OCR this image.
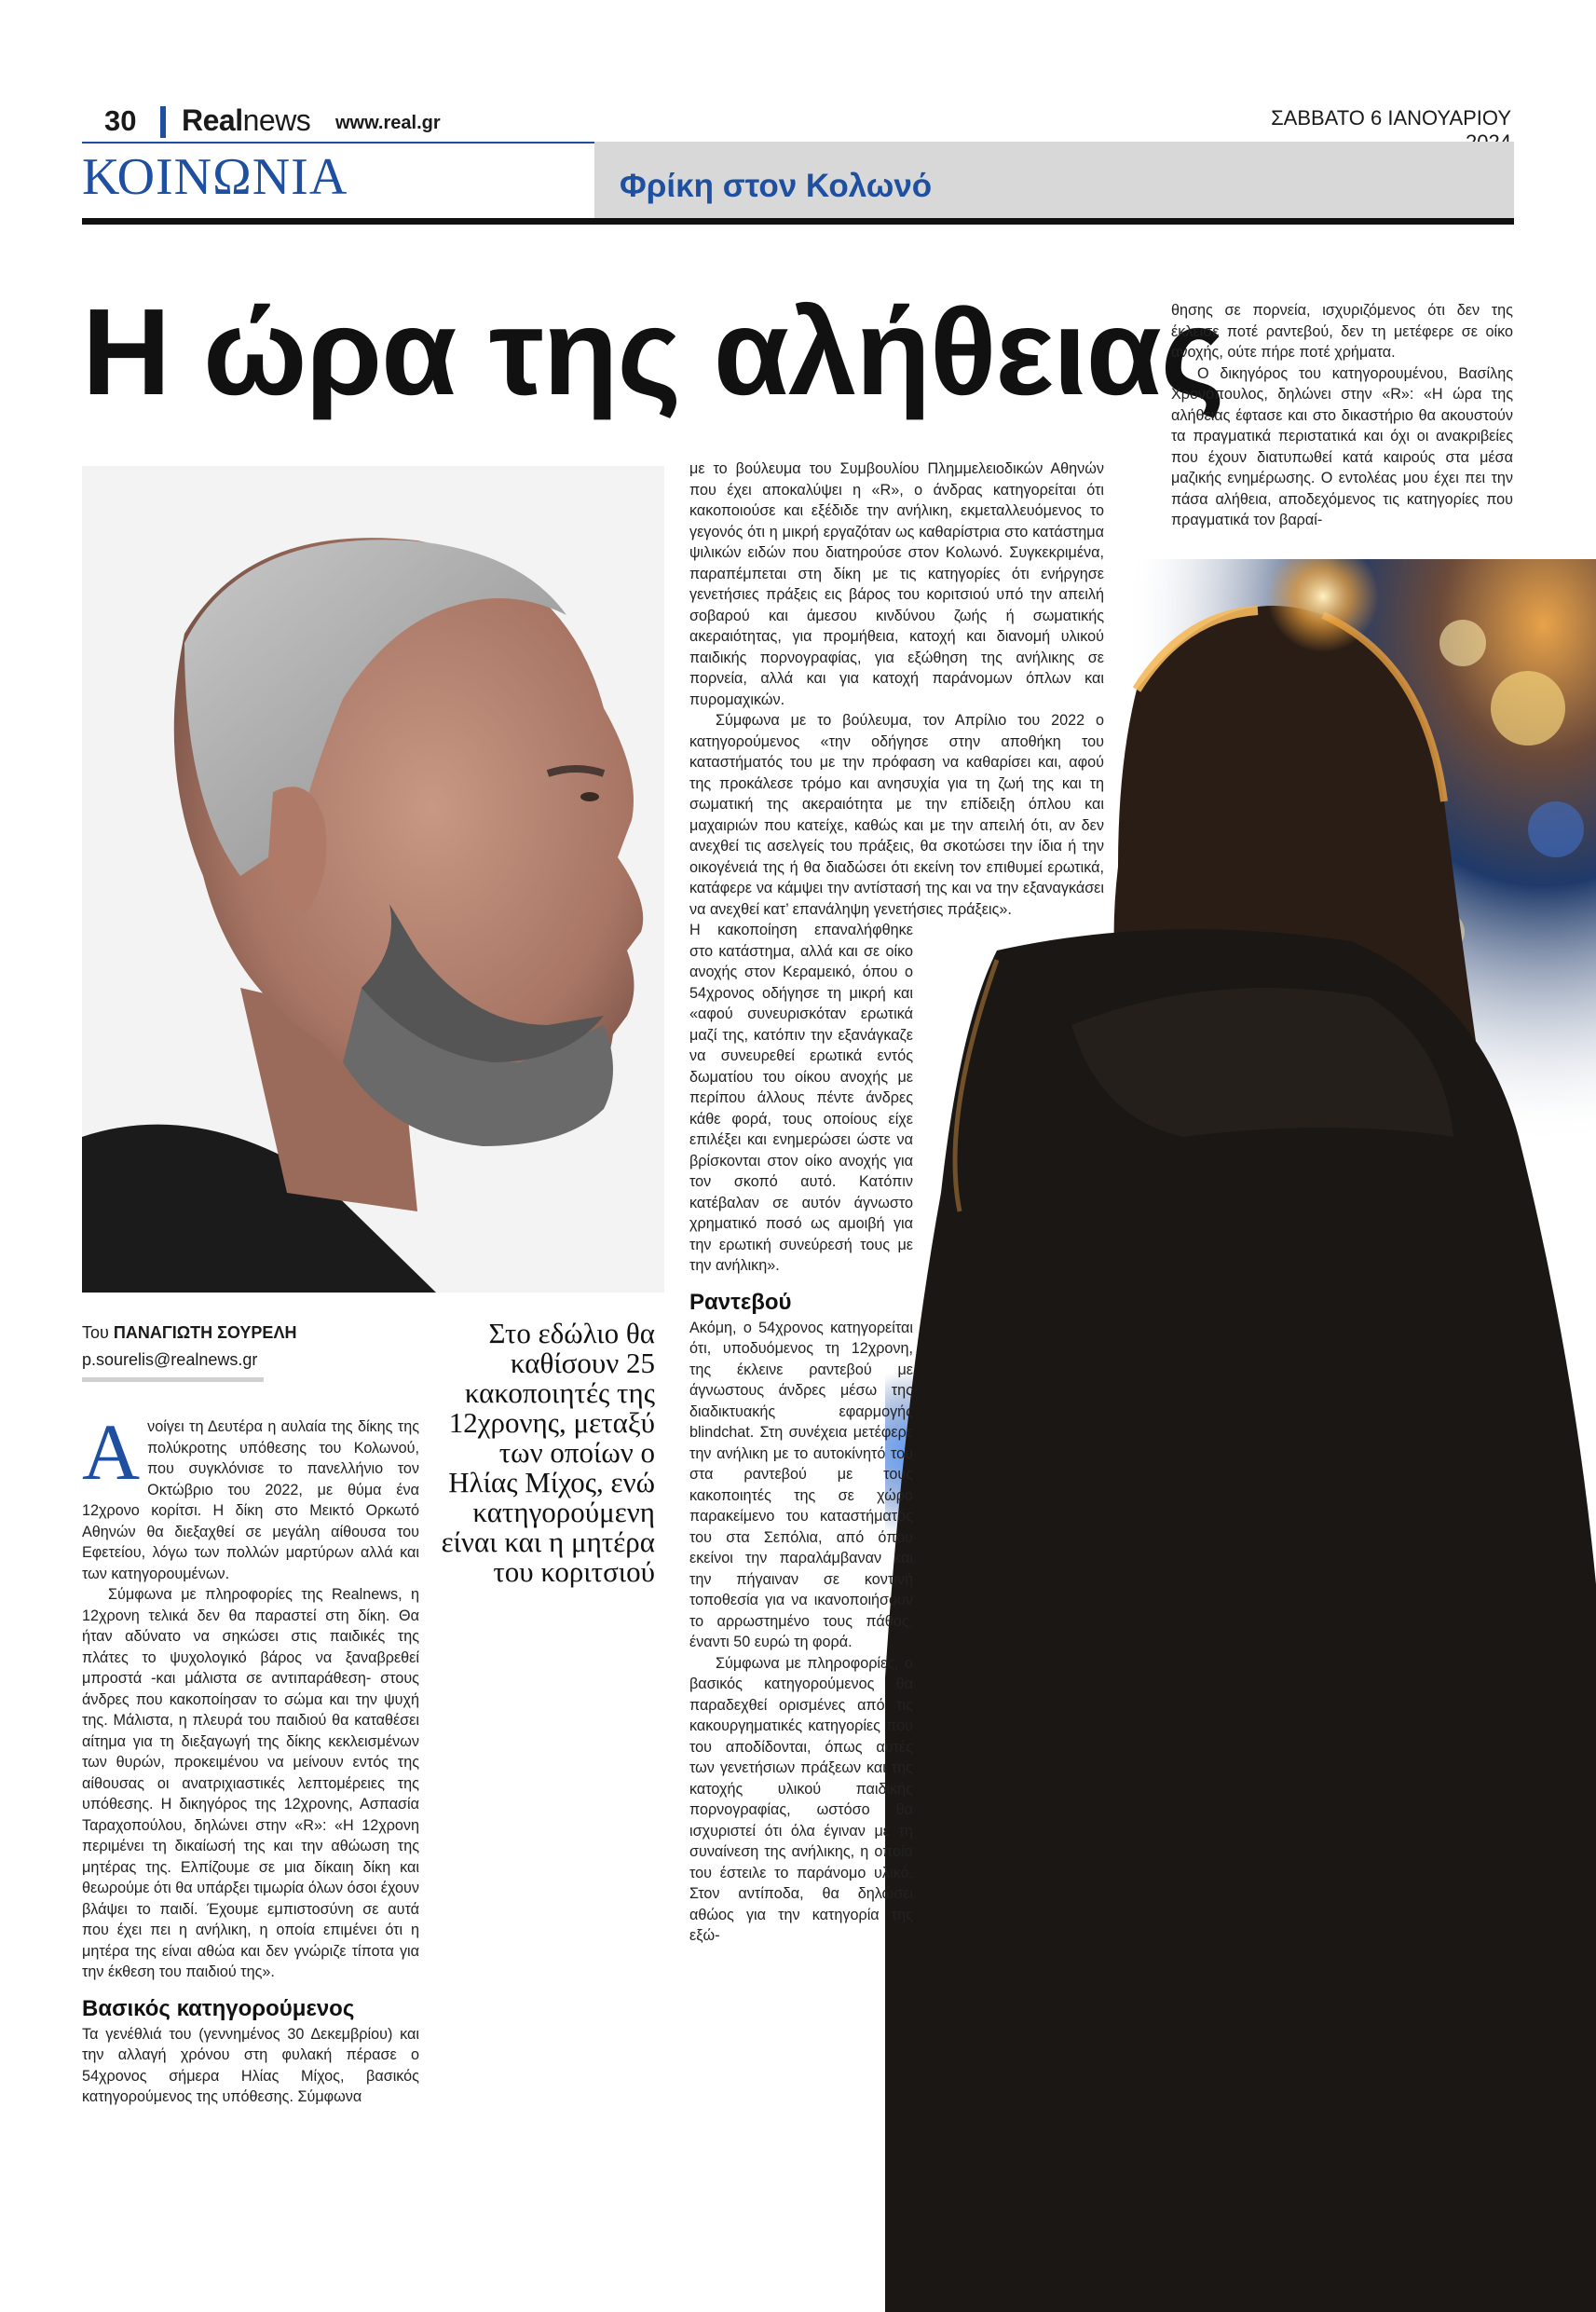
30 Realnews www.real.gr	ΣΑΒΒΑΤΟ 6 ΙΑΝΟΥΑΡΙΟΥ
ΚΟΙΝΩΝΙΑ	Φρίκη στον Κολωνό
Η ώρα της αλήθειας
Του ΠΑΝΑΓΙΩΤΗ ΣΟΥΡΕΛΗ
p.sourelis@realnews.gr
Στο εδώλιο θα καθίσουν 25 κακοποιητές της 12χρονης, μεταξύ των οποίων ο Ηλίας Μίχος, ενώ κατηγορούμενη είναι και η μητέρα του κοριτσιού

Ανοίγει τη Δευτέρα η αυλαία της δίκης της πολύκροτης υπόθεσης του Κολωνού, που συγκλόνισε το πανελλήνιο τον Οκτώβριο του 2022, με θύμα ένα 12χρονο κορίτσι. Η δίκη στο Μεικτό Ορκωτό Αθηνών θα διεξαχθεί σε μεγάλη αίθουσα του Εφετείου, λόγω των πολλών μαρτύρων αλλά και των κατηγορουμένων.

Σύμφωνα με πληροφορίες της Realnews, η 12χρονη τελικά δεν θα παραστεί στη δίκη. Θα ήταν αδύνατο να σηκώσει στις παιδικές της πλάτες το ψυχολογικό βάρος να ξαναβρεθεί μπροστά -και μάλιστα σε αντιπαράθεση- στους άνδρες που κακοποίησαν το σώμα και την ψυχή της. Μάλιστα, η πλευρά του παιδιού θα καταθέσει αίτημα για τη διεξαγωγή της δίκης κεκλεισμένων των θυρών, προκειμένου να μείνουν εντός της αίθουσας οι ανατριχιαστικές λεπτομέρειες της υπόθεσης. Η δικηγόρος της 12χρονης, Ασπασία Ταραχοπούλου, δηλώνει στην «R»: «Η 12χρονη περιμένει τη δικαίωσή της και την αθώωση της μητέρας της. Ελπίζουμε σε μια δίκαιη δίκη και θεωρούμε ότι θα υπάρξει τιμωρία όλων όσοι έχουν βλάψει το παιδί. Έχουμε εμπιστοσύνη σε αυτά που έχει πει η ανήλικη, η οποία επιμένει ότι η μητέρα της είναι αθώα και δεν γνώριζε τίποτα για την έκθεση του παιδιού της».

Βασικός κατηγορούμενος

Τα γενέθλιά του (γεννημένος 30 Δεκεμβρίου) και την αλλαγή χρόνου στη φυλακή πέρασε ο 54χρονος σήμερα Ηλίας Μίχος, βασικός κατηγορούμενος της υπόθεσης. Σύμφωνα

με το βούλευμα του Συμβουλίου Πλημμελειοδικών Αθηνών που έχει αποκαλύψει η «R», ο άνδρας κατηγορείται ότι κακοποιούσε και εξέδιδε την ανήλικη, εκμεταλλευόμενος το γεγονός ότι η μικρή εργαζόταν ως καθαρίστρια στο κατάστημα ψιλικών ειδών που διατηρούσε στον Κολωνό. Συγκεκριμένα, παραπέμπεται στη δίκη με τις κατηγορίες ότι ενήργησε γενετήσιες πράξεις εις βάρος του κοριτσιού υπό την απειλή σοβαρού και άμεσου κινδύνου ζωής ή σωματικής ακεραιότητας, για προμήθεια, κατοχή και διανομή υλικού παιδικής πορνογραφίας, για εξώθηση της ανήλικης σε πορνεία, αλλά και για κατοχή παράνομων όπλων και πυρομαχικών.

Σύμφωνα με το βούλευμα, τον Απρίλιο του 2022 ο κατηγορούμενος «την οδήγησε στην αποθήκη του καταστήματός του με την πρόφαση να καθαρίσει και, αφού της προκάλεσε τρόμο και ανησυχία για τη ζωή της και τη σωματική της ακεραιότητα με την επίδειξη όπλου και μαχαιριών που κατείχε, καθώς και με την απειλή ότι, αν δεν ανεχθεί τις ασελγείς του πράξεις, θα σκοτώσει την ίδια ή την οικογένειά της ή θα διαδώσει ότι εκείνη τον επιθυμεί ερωτικά, κατάφερε να κάμψει την αντίστασή της και να την εξαναγκάσει να ανεχθεί κατ’ επανάληψη γενετήσιες πράξεις».

Η κακοποίηση επαναλήφθηκε στο κατάστημα, αλλά και σε οίκο ανοχής στον Κεραμεικό, όπου ο 54χρονος οδήγησε τη μικρή και «αφού συνευρισκόταν ερωτικά μαζί της, κατόπιν την εξανάγκαζε να συνευρεθεί ερωτικά εντός δωματίου του οίκου ανοχής με περίπου άλλους πέντε άνδρες κάθε φορά, τους οποίους είχε επιλέξει και ενημερώσει ώστε να βρίσκονται στον οίκο ανοχής για τον σκοπό αυτό. Κατόπιν κατέβαλαν σε αυτόν άγνωστο χρηματικό ποσό ως αμοιβή για την ερωτική συνεύρεσή τους με την ανήλικη».

Ραντεβού

Ακόμη, ο 54χρονος κατηγορείται ότι, υποδυόμενος τη 12χρονη, της έκλεινε ραντεβού με άγνωστους άνδρες μέσω της διαδικτυακής εφαρμογής blindchat. Στη συνέχεια μετέφερε την ανήλικη με το αυτοκίνητό του στα ραντεβού με τους κακοποιητές της σε χώρο παρακείμενο του καταστήματός του στα Σεπόλια, από όπου εκείνοι την παραλάμβαναν και την πήγαιναν σε κοντινή τοποθεσία για να ικανοποιήσουν το αρρωστημένο τους πάθος, έναντι 50 ευρώ τη φορά.

Σύμφωνα με πληροφορίες, ο βασικός κατηγορούμενος θα παραδεχθεί ορισμένες από τις κακουργηματικές κατηγορίες που του αποδίδονται, όπως αυτές των γενετήσιων πράξεων και της κατοχής υλικού παιδικής πορνογραφίας, ωστόσο θα ισχυριστεί ότι όλα έγιναν με τη συναίνεση της ανήλικης, η οποία του έστειλε το παράνομο υλικό. Στον αντίποδα, θα δηλώσει αθώος για την κατηγορία της εξώ-

θησης σε πορνεία, ισχυριζόμενος ότι δεν της έκλεισε ποτέ ραντεβού, δεν τη μετέφερε σε οίκο ανοχής, ούτε πήρε ποτέ χρήματα.

Ο δικηγόρος του κατηγορουμένου, Βασίλης Χρονόπουλος, δηλώνει στην «R»: «Η ώρα της αλήθειας έφτασε και στο δικαστήριο θα ακουστούν τα πραγματικά περιστατικά και όχι οι ανακριβείες που έχουν διατυπωθεί κατά καιρούς στα μέσα μαζικής ενημέρωσης. Ο εντολέας μου έχει πει την πάσα αλήθεια, αποδεχόμενος τις κατηγορίες που πραγματικά τον βαραί-
